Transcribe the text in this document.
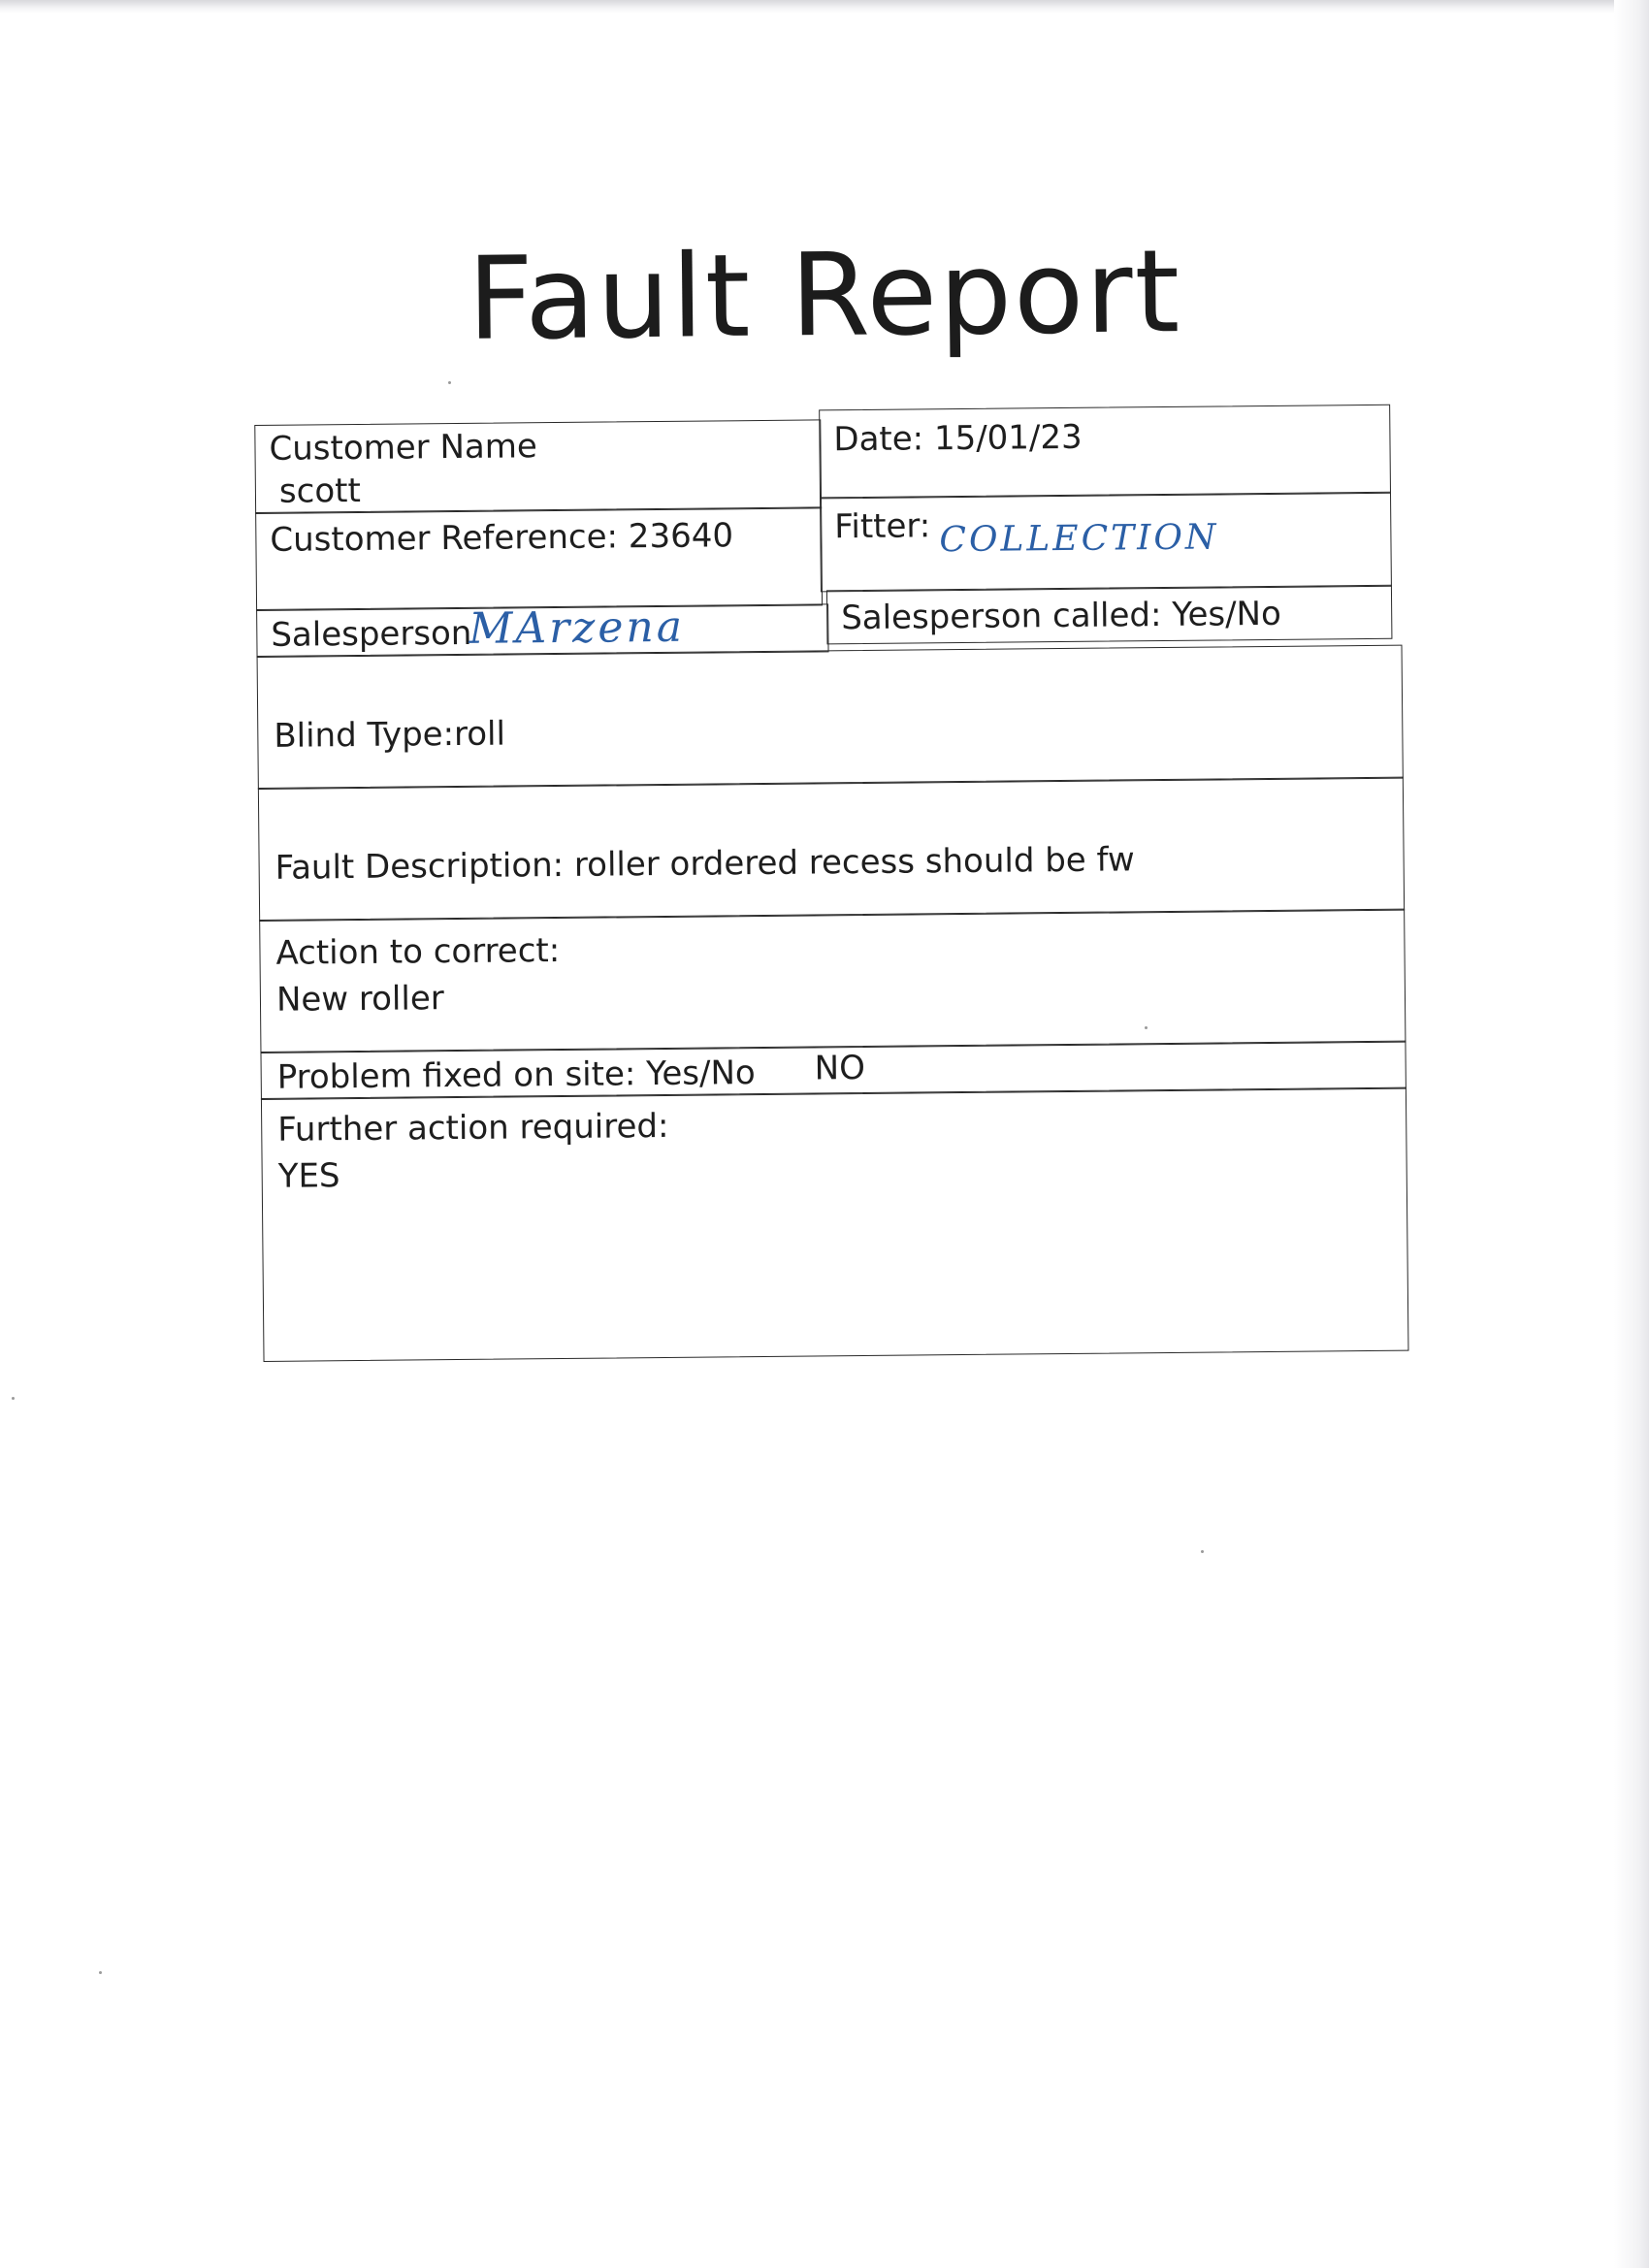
Fault Report
Customer Name
scott
Date: 15/01/23
Customer Reference: 23640	Fitter: COLLECTION
Salesperson
MArzena	Salesperson called: Yes/No
Blind Type:roll
Fault Description: roller ordered recess should be fw
Action to correct:
New roller
Problem fixed on site: Yes/No NO
Further action required:
YES
